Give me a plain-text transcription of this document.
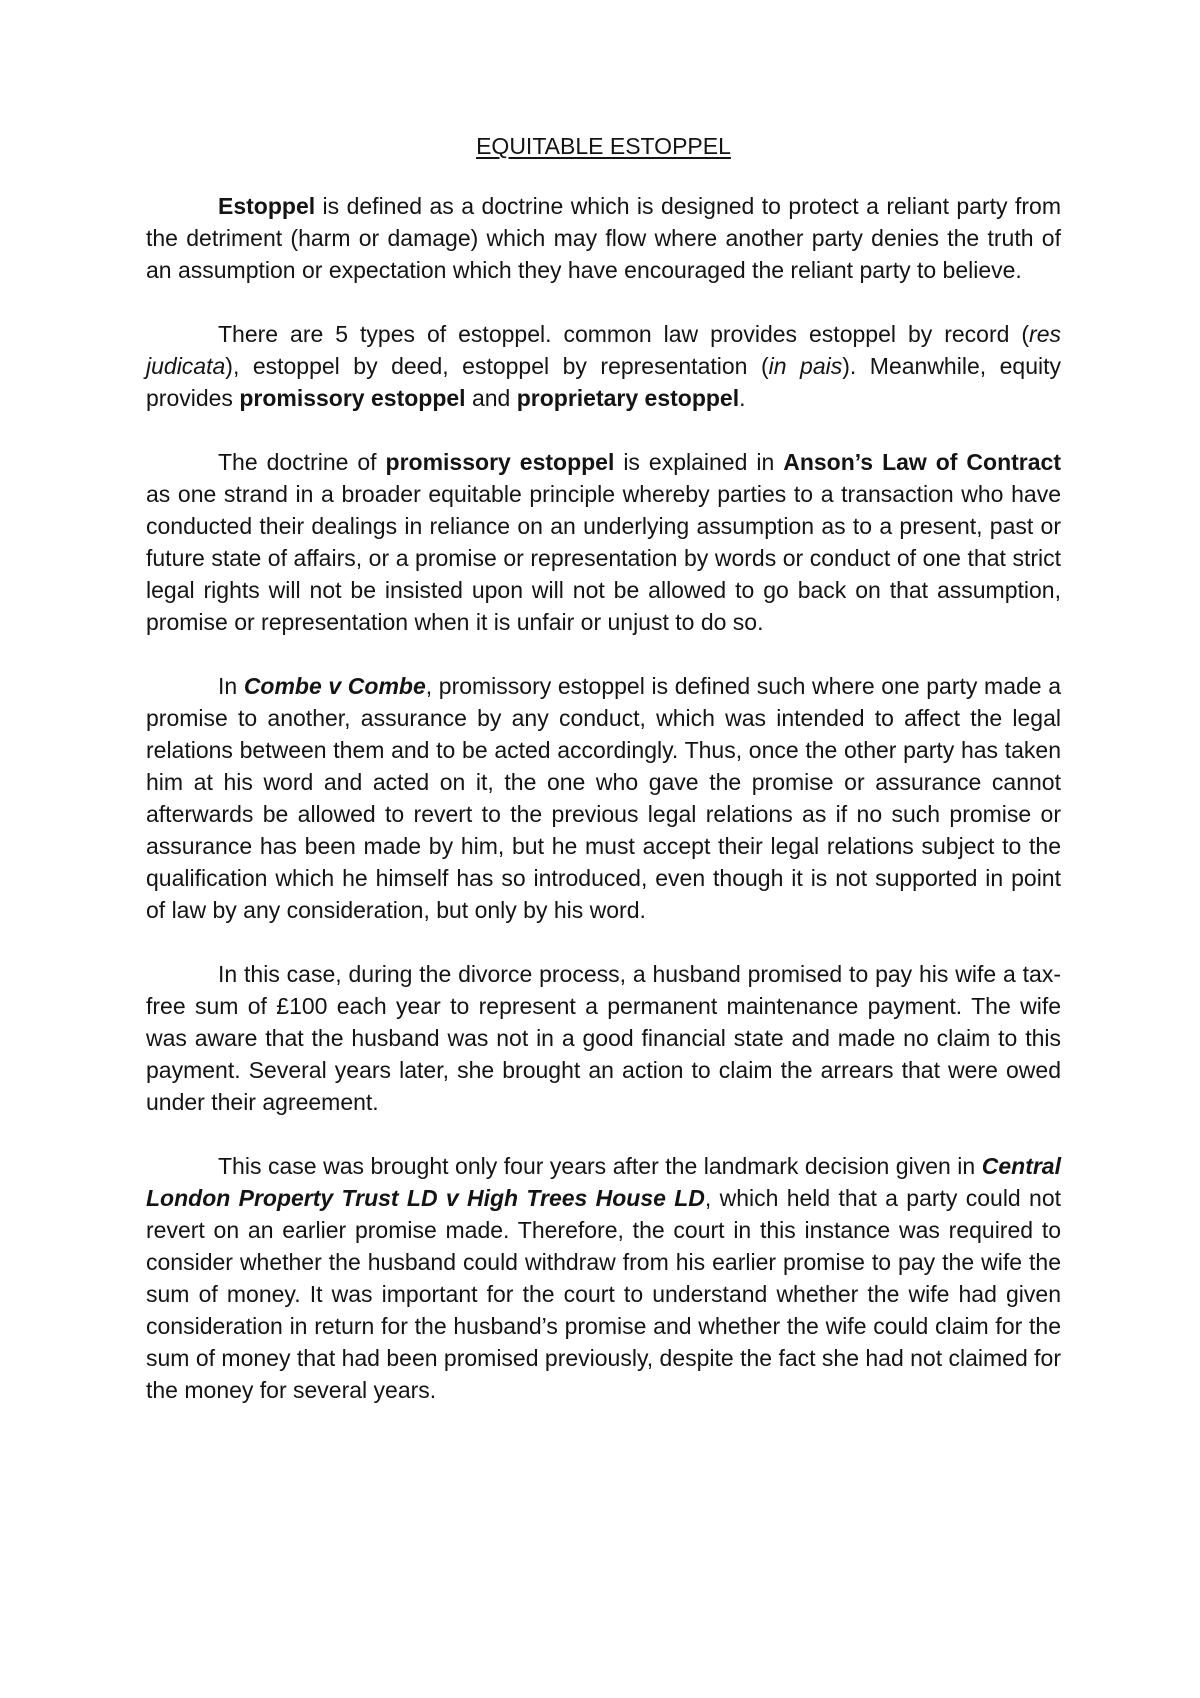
EQUITABLE ESTOPPEL

Estoppel is defined as a doctrine which is designed to protect a reliant party from the detriment (harm or damage) which may flow where another party denies the truth of an assumption or expectation which they have encouraged the reliant party to believe.

There are 5 types of estoppel. common law provides estoppel by record (res judicata), estoppel by deed, estoppel by representation (in pais). Meanwhile, equity provides promissory estoppel and proprietary estoppel.

The doctrine of promissory estoppel is explained in Anson’s Law of Contract as one strand in a broader equitable principle whereby parties to a transaction who have conducted their dealings in reliance on an underlying assumption as to a present, past or future state of affairs, or a promise or representation by words or conduct of one that strict legal rights will not be insisted upon will not be allowed to go back on that assumption, promise or representation when it is unfair or unjust to do so.

In Combe v Combe, promissory estoppel is defined such where one party made a promise to another, assurance by any conduct, which was intended to affect the legal relations between them and to be acted accordingly. Thus, once the other party has taken him at his word and acted on it, the one who gave the promise or assurance cannot afterwards be allowed to revert to the previous legal relations as if no such promise or assurance has been made by him, but he must accept their legal relations subject to the qualification which he himself has so introduced, even though it is not supported in point of law by any consideration, but only by his word.

In this case, during the divorce process, a husband promised to pay his wife a tax-free sum of £100 each year to represent a permanent maintenance payment. The wife was aware that the husband was not in a good financial state and made no claim to this payment. Several years later, she brought an action to claim the arrears that were owed under their agreement.

This case was brought only four years after the landmark decision given in Central London Property Trust LD v High Trees House LD, which held that a party could not revert on an earlier promise made. Therefore, the court in this instance was required to consider whether the husband could withdraw from his earlier promise to pay the wife the sum of money. It was important for the court to understand whether the wife had given consideration in return for the husband’s promise and whether the wife could claim for the sum of money that had been promised previously, despite the fact she had not claimed for the money for several years.
